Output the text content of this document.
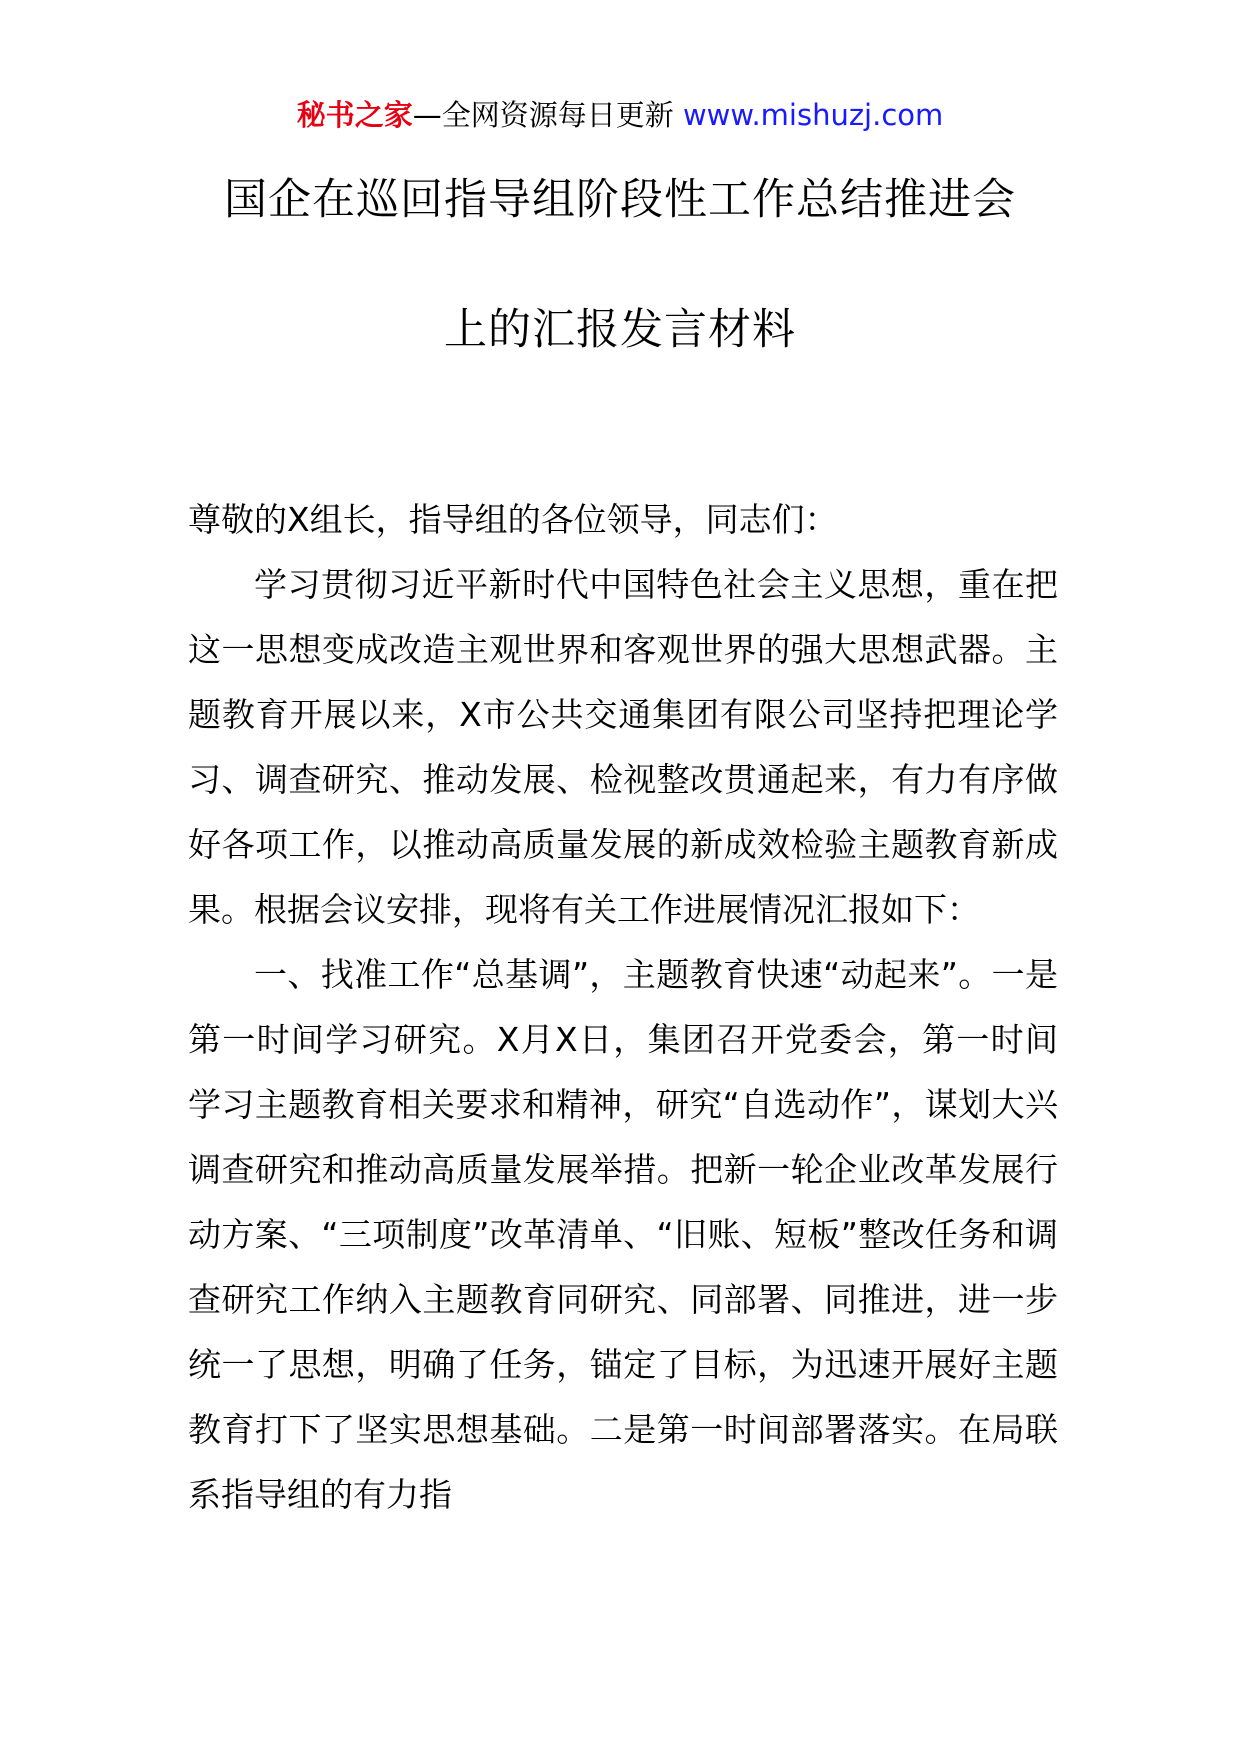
秘书之家—全网资源每日更新 www.mishuzj.com
国企在巡回指导组阶段性工作总结推进会
上的汇报发言材料

尊敬的X组长，指导组的各位领导，同志们：

学习贯彻习近平新时代中国特色社会主义思想，重在把这一思想变成改造主观世界和客观世界的强大思想武器。主题教育开展以来，X市公共交通集团有限公司坚持把理论学习、调查研究、推动发展、检视整改贯通起来，有力有序做好各项工作，以推动高质量发展的新成效检验主题教育新成果。根据会议安排，现将有关工作进展情况汇报如下：

一、找准工作“总基调”，主题教育快速“动起来”。一是第一时间学习研究。X月X日，集团召开党委会，第一时间学习主题教育相关要求和精神，研究“自选动作”，谋划大兴调查研究和推动高质量发展举措。把新一轮企业改革发展行动方案、“三项制度”改革清单、“旧账、短板”整改任务和调查研究工作纳入主题教育同研究、同部署、同推进，进一步统一了思想，明确了任务，锚定了目标，为迅速开展好主题教育打下了坚实思想基础。二是第一时间部署落实。在局联系指导组的有力指
